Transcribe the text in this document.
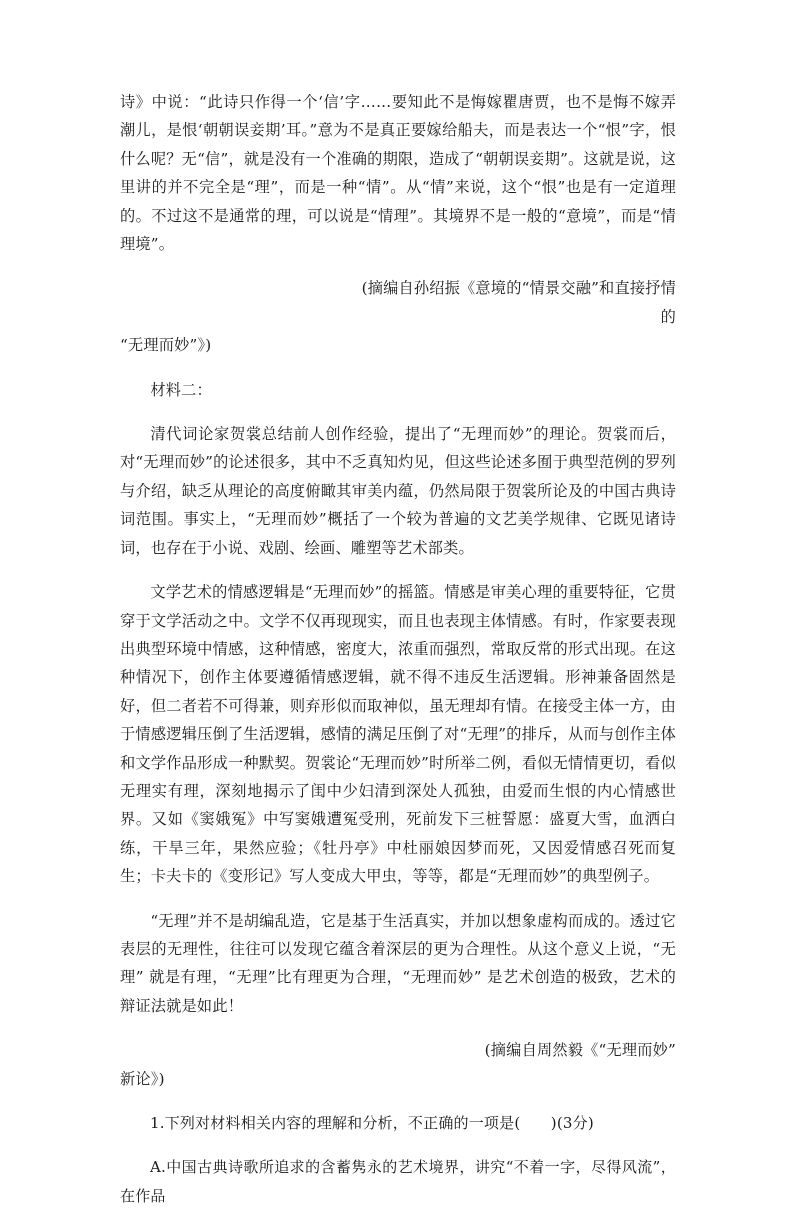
诗》中说：“此诗只作得一个‘信’字……要知此不是悔嫁瞿唐贾，也不是悔不嫁弄潮儿，是恨‘朝朝误妾期’耳。”意为不是真正要嫁给船夫，而是表达一个“恨”字，恨什么呢？无“信”，就是没有一个准确的期限，造成了“朝朝误妾期”。这就是说，这里讲的并不完全是“理”，而是一种“情”。从“情”来说，这个“恨”也是有一定道理的。不过这不是通常的理，可以说是“情理”。其境界不是一般的“意境”，而是“情理境”。

(摘编自孙绍振《意境的“情景交融”和直接抒情的

“无理而妙”》)

材料二：

清代词论家贺裳总结前人创作经验，提出了“无理而妙”的理论。贺裳而后，对“无理而妙”的论述很多，其中不乏真知灼见，但这些论述多囿于典型范例的罗列与介绍，缺乏从理论的高度俯瞰其审美内蕴，仍然局限于贺裳所论及的中国古典诗词范围。事实上，“无理而妙”概括了一个较为普遍的文艺美学规律、它既见诸诗词，也存在于小说、戏剧、绘画、雕塑等艺术部类。

文学艺术的情感逻辑是“无理而妙”的摇篮。情感是审美心理的重要特征，它贯穿于文学活动之中。文学不仅再现现实，而且也表现主体情感。有时，作家要表现出典型环境中情感，这种情感，密度大，浓重而强烈，常取反常的形式出现。在这种情况下，创作主体要遵循情感逻辑，就不得不违反生活逻辑。形神兼备固然是好，但二者若不可得兼，则弃形似而取神似，虽无理却有情。在接受主体一方，由于情感逻辑压倒了生活逻辑，感情的满足压倒了对“无理”的排斥，从而与创作主体和文学作品形成一种默契。贺裳论“无理而妙”时所举二例，看似无情情更切，看似无理实有理，深刻地揭示了闺中少妇清到深处人孤独，由爱而生恨的内心情感世界。又如《窦娥冤》中写窦娥遭冤受刑，死前发下三桩誓愿：盛夏大雪，血洒白练，干旱三年，果然应验；《牡丹亭》中杜丽娘因梦而死，又因爱情感召死而复生；卡夫卡的《变形记》写人变成大甲虫，等等，都是“无理而妙”的典型例子。

“无理”并不是胡编乱造，它是基于生活真实，并加以想象虚构而成的。透过它表层的无理性，往往可以发现它蕴含着深层的更为合理性。从这个意义上说，“无理” 就是有理，“无理”比有理更为合理，“无理而妙” 是艺术创造的极致，艺术的辩证法就是如此！

(摘编自周然毅《“无理而妙”

新论》)

1.下列对材料相关内容的理解和分析，不正确的一项是(　　)(3分)

A.中国古典诗歌所追求的含蓄隽永的艺术境界，讲究“不着一字，尽得风流”，在作品
